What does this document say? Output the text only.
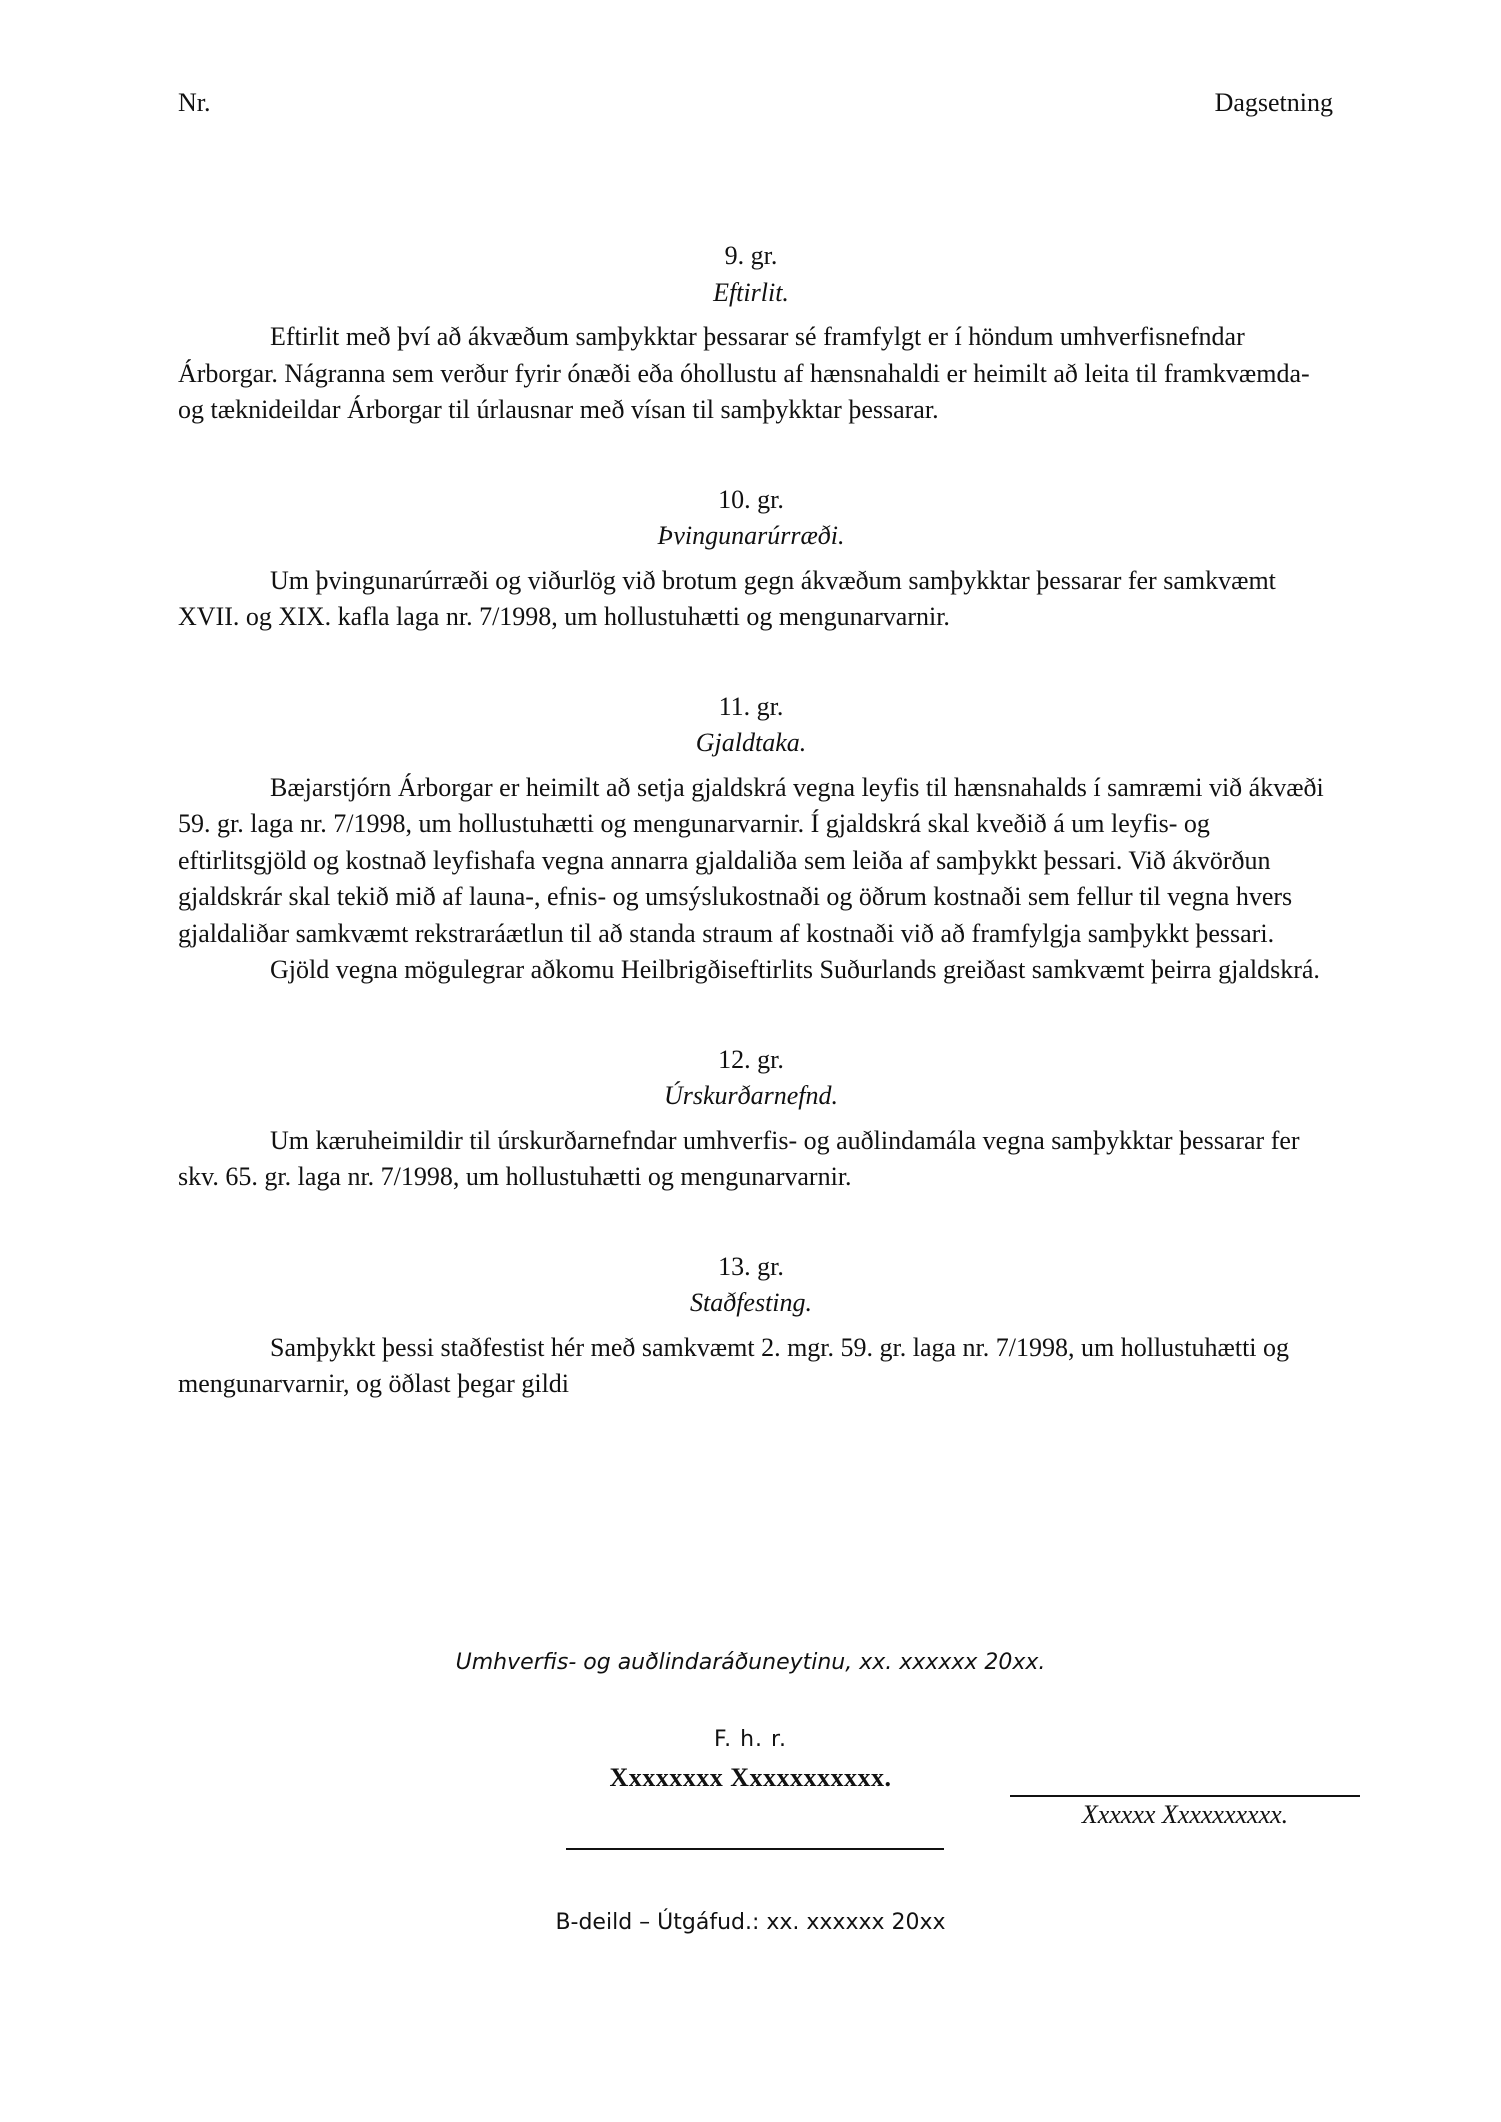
Nr.	Dagsetning
9. gr.
Eftirlit.

Eftirlit með því að ákvæðum samþykktar þessarar sé framfylgt er í höndum umhverfisnefndar Árborgar. Nágranna sem verður fyrir ónæði eða óhollustu af hænsnahaldi er heimilt að leita til framkvæmda- og tæknideildar Árborgar til úrlausnar með vísan til samþykktar þessarar.

10. gr.
Þvingunarúrræði.

Um þvingunarúrræði og viðurlög við brotum gegn ákvæðum samþykktar þessarar fer samkvæmt XVII. og XIX. kafla laga nr. 7/1998, um hollustuhætti og mengunarvarnir.

11. gr.
Gjaldtaka.

Bæjarstjórn Árborgar er heimilt að setja gjaldskrá vegna leyfis til hænsnahalds í samræmi við ákvæði 59. gr. laga nr. 7/1998, um hollustuhætti og mengunarvarnir. Í gjaldskrá skal kveðið á um leyfis- og eftirlitsgjöld og kostnað leyfishafa vegna annarra gjaldaliða sem leiða af samþykkt þessari. Við ákvörðun gjaldskrár skal tekið mið af launa-, efnis- og umsýslukostnaði og öðrum kostnaði sem fellur til vegna hvers gjaldaliðar samkvæmt rekstraráætlun til að standa straum af kostnaði við að framfylgja samþykkt þessari.

Gjöld vegna mögulegrar aðkomu Heilbrigðiseftirlits Suðurlands greiðast samkvæmt þeirra gjaldskrá.

12. gr.
Úrskurðarnefnd.

Um kæruheimildir til úrskurðarnefndar umhverfis- og auðlindamála vegna samþykktar þessarar fer skv. 65. gr. laga nr. 7/1998, um hollustuhætti og mengunarvarnir.

13. gr.
Staðfesting.

Samþykkt þessi staðfestist hér með samkvæmt 2. mgr. 59. gr. laga nr. 7/1998, um hollustuhætti og mengunarvarnir, og öðlast þegar gildi

Umhverfis- og auðlindaráðuneytinu, xx. xxxxxx 20xx.
F. h. r.
Xxxxxxxx Xxxxxxxxxxx.
Xxxxxx Xxxxxxxxxx.
B-deild – Útgáfud.: xx. xxxxxx 20xx
